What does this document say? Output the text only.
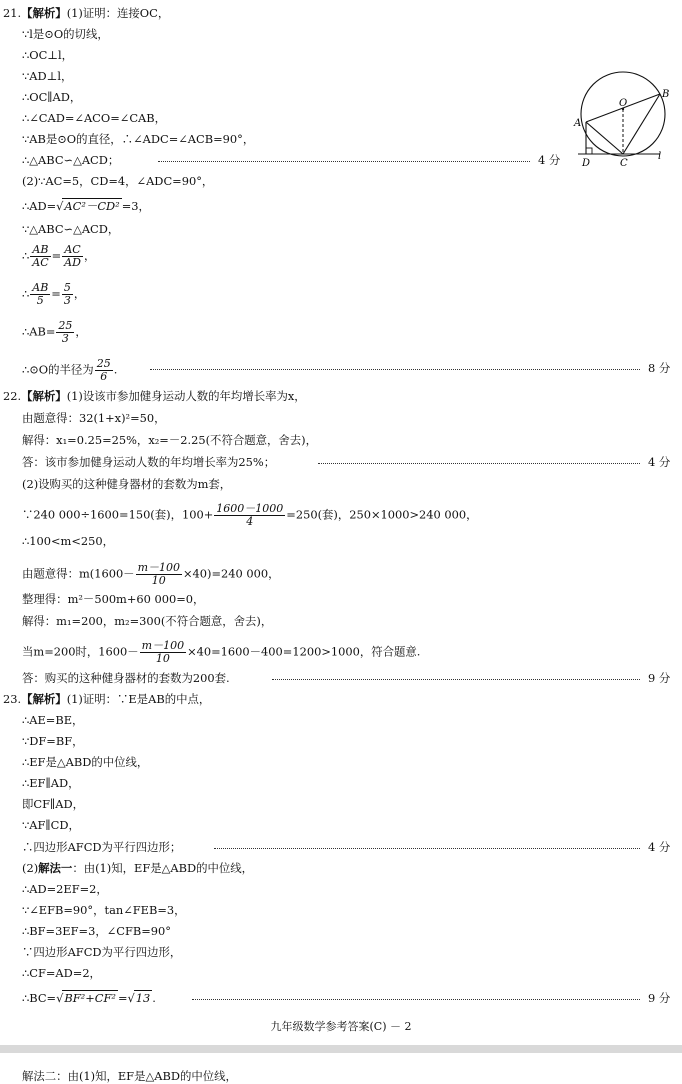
21.【解析】(1)证明：连接OC，
∵l是⊙O的切线，
∴OC⊥l，
∵AD⊥l，
∴OC∥AD，
∴∠CAD=∠ACO=∠CAB，
∵AB是⊙O的直径，∴∠ADC=∠ACB=90°，
∴△ABC∽△ACD；	4 分
A
B
O
C
D
l
(2)∵AC=5，CD=4，∠ADC=90°，
∴AD=√AC²－CD² =3，
∵△ABC∽△ACD，
∴ $\frac{AB}{AC} = \frac{AC}{AD}$ ，
∴ $\frac{AB}{5} = \frac{5}{3}$ ，
∴AB= $\frac{25}{3}$ ，
∴⊙O的半径为 $\frac{25}{6}$ .	8 分
22.【解析】(1)设该市参加健身运动人数的年均增长率为x，
由题意得：32(1+x)²=50，
解得：x₁=0.25=25%，x₂=－2.25(不符合题意，舍去)，
答：该市参加健身运动人数的年均增长率为25%；	4 分
(2)设购买的这种健身器材的套数为m套，
∵240 000÷1600=150(套)，$100+ \frac{1600-1000}{4} =250$(套)，250×1000>240 000，
∴100<m<250，
由题意得：$m(1600- \frac{m-100}{10} \times 40)=240$ 000，
整理得：m²－500m+60 000=0，
解得：m₁=200，m₂=300(不符合题意，舍去)，
当m=200时，$1600- \frac{m-100}{10} \times 40=1600-400=1200>1000$，符合题意.
答：购买的这种健身器材的套数为200套.	9 分
23.【解析】(1)证明：∵E是AB的中点，
∴AE=BE，
∵DF=BF，
∴EF是△ABD的中位线，
∴EF∥AD，
即CF∥AD，
∵AF∥CD，
∴四边形AFCD为平行四边形；	4 分
(2)解法一：由(1)知，EF是△ABD的中位线，
∴AD=2EF=2，
∵∠EFB=90°，tan∠FEB=3，
∴BF=3EF=3，∠CFB=90°
∵四边形AFCD为平行四边形，
∴CF=AD=2，
∴BC=√BF²+CF² =√13 .	9 分
九年级数学参考答案(C) － 2
解法二：由(1)知，EF是△ABD的中位线，
